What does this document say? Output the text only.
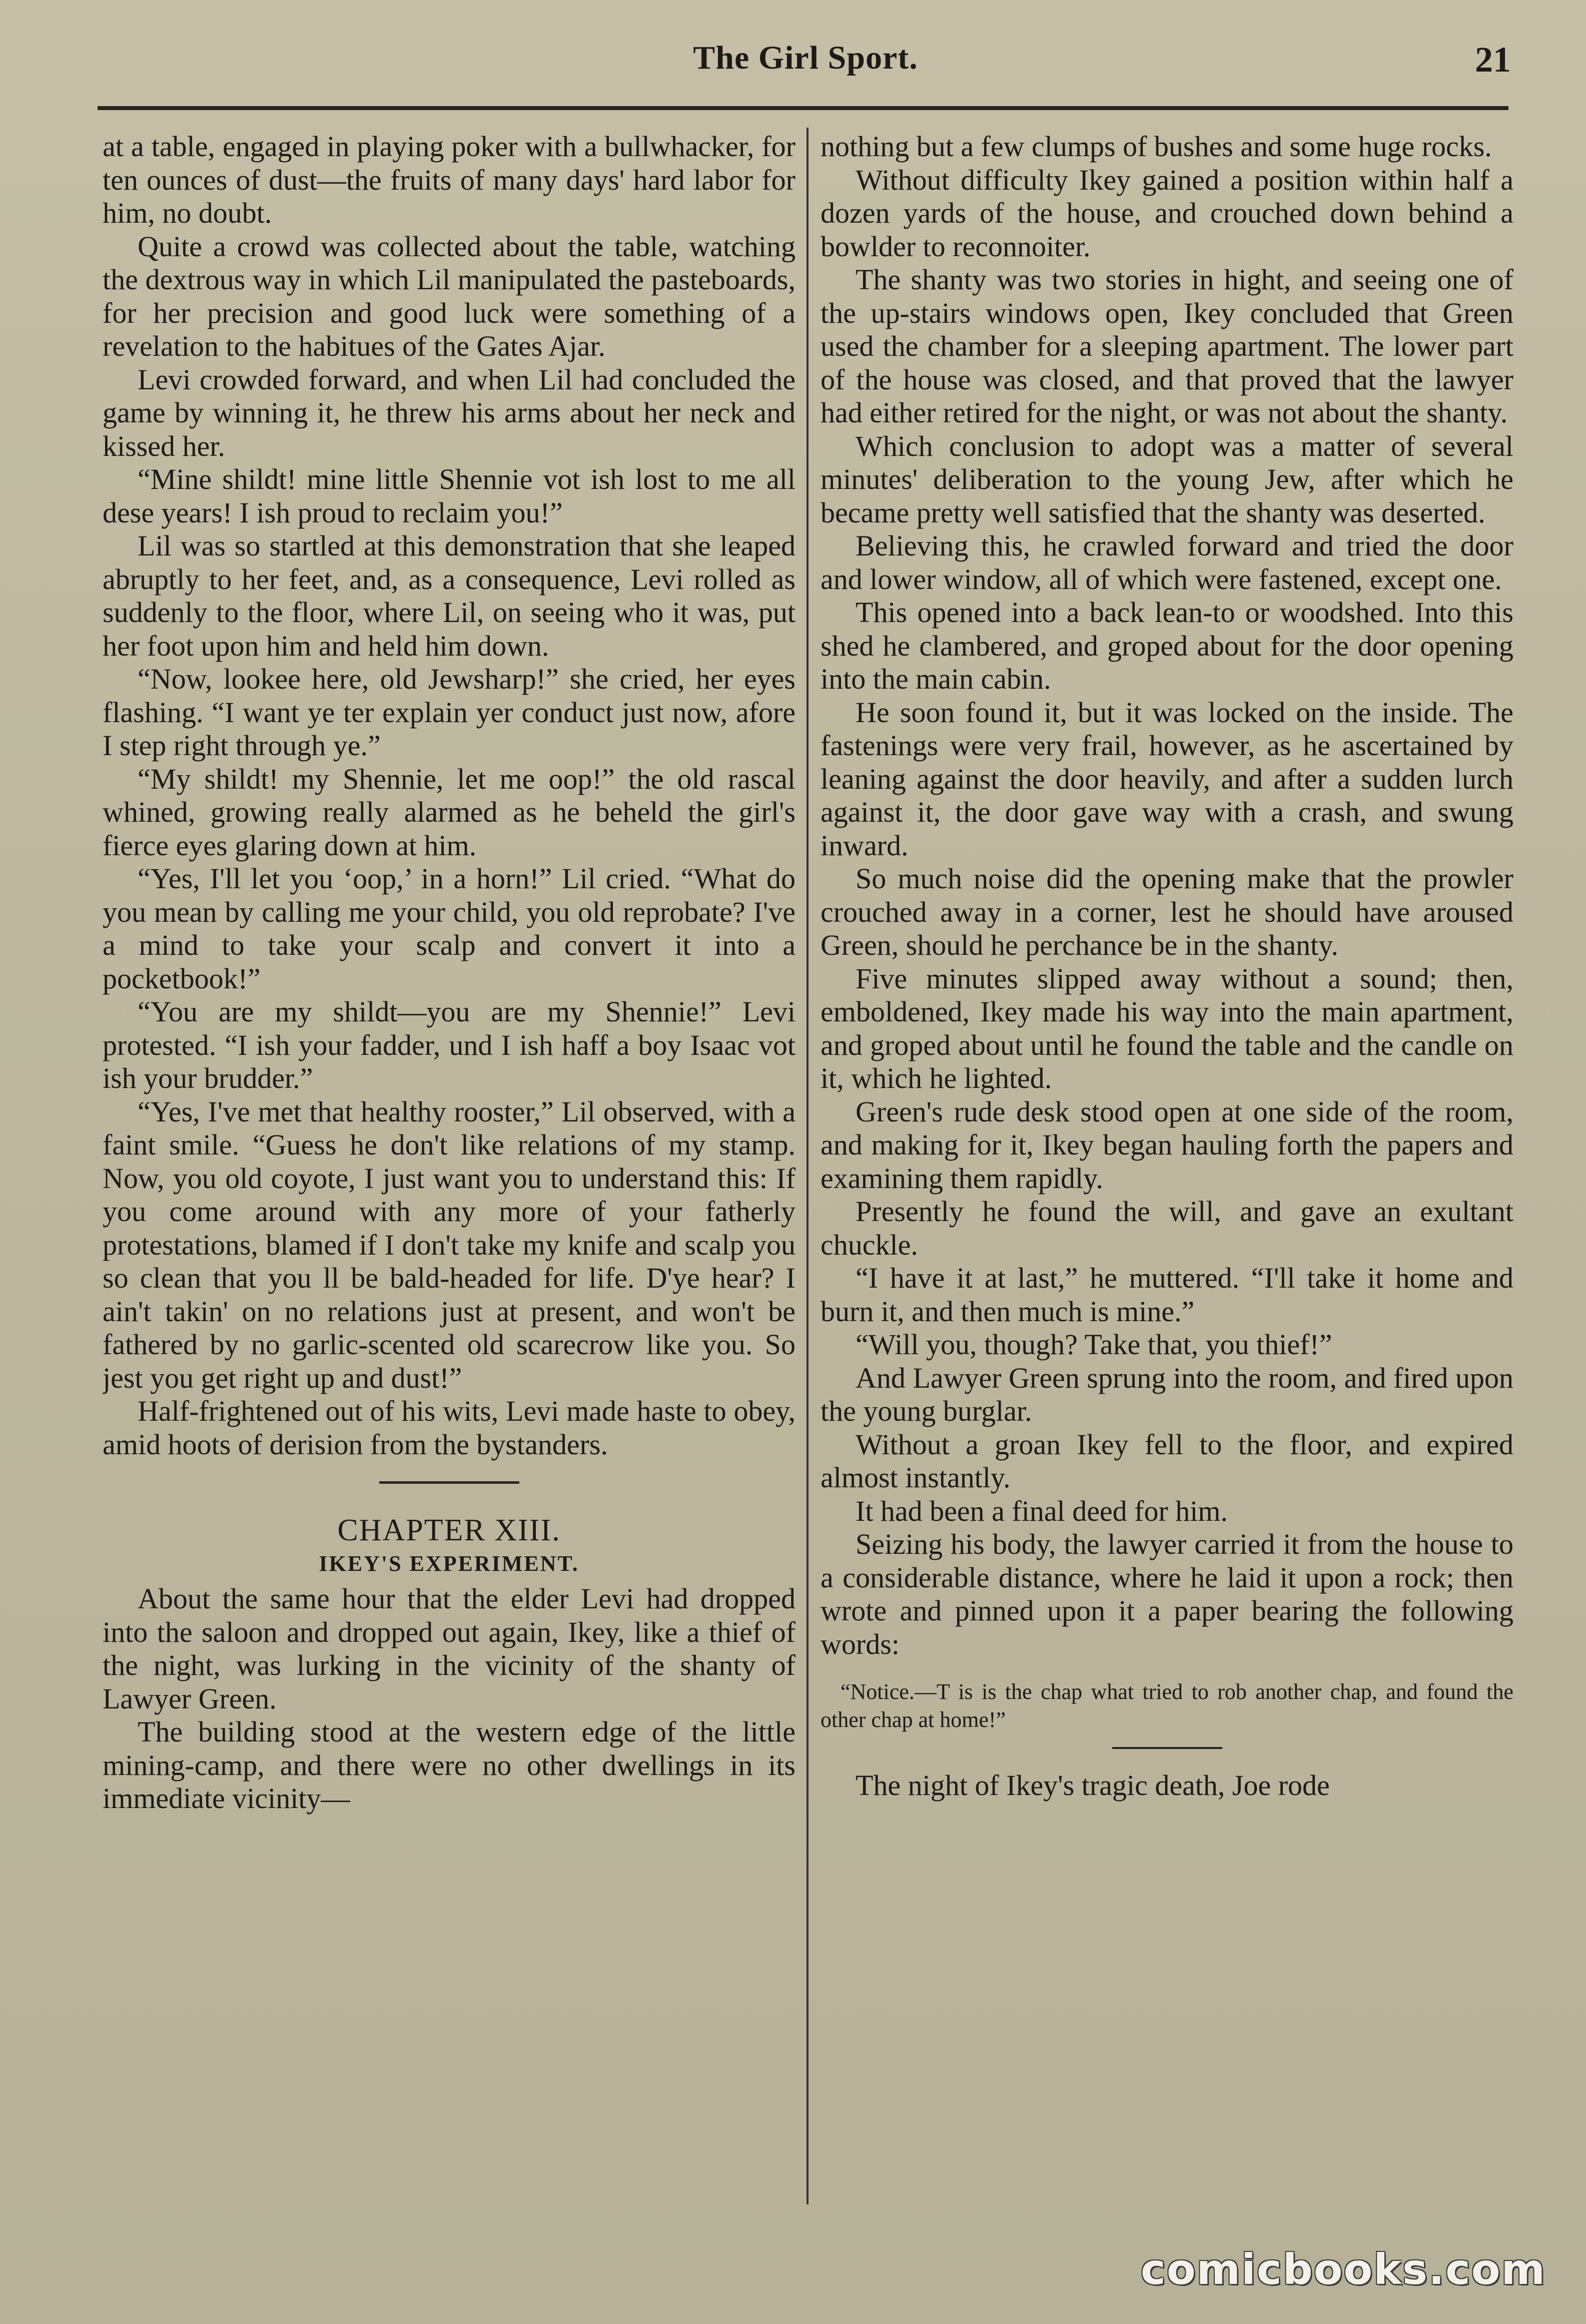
The Girl Sport.	21

at a table, engaged in playing poker with a bullwhacker, for ten ounces of dust—the fruits of many days' hard labor for him, no doubt.

Quite a crowd was collected about the table, watching the dextrous way in which Lil manipulated the pasteboards, for her precision and good luck were something of a revelation to the habitues of the Gates Ajar.

Levi crowded forward, and when Lil had concluded the game by winning it, he threw his arms about her neck and kissed her.

“Mine shildt! mine little Shennie vot ish lost to me all dese years! I ish proud to reclaim you!”

Lil was so startled at this demonstration that she leaped abruptly to her feet, and, as a consequence, Levi rolled as suddenly to the floor, where Lil, on seeing who it was, put her foot upon him and held him down.

“Now, lookee here, old Jewsharp!” she cried, her eyes flashing. “I want ye ter explain yer conduct just now, afore I step right through ye.”

“My shildt! my Shennie, let me oop!” the old rascal whined, growing really alarmed as he beheld the girl's fierce eyes glaring down at him.

“Yes, I'll let you ‘oop,’ in a horn!” Lil cried. “What do you mean by calling me your child, you old reprobate? I've a mind to take your scalp and convert it into a pocketbook!”

“You are my shildt—you are my Shennie!” Levi protested. “I ish your fadder, und I ish haff a boy Isaac vot ish your brudder.”

“Yes, I've met that healthy rooster,” Lil observed, with a faint smile. “Guess he don't like relations of my stamp. Now, you old coyote, I just want you to understand this: If you come around with any more of your fatherly protestations, blamed if I don't take my knife and scalp you so clean that you ll be bald-headed for life. D'ye hear? I ain't takin' on no relations just at present, and won't be fathered by no garlic-scented old scarecrow like you. So jest you get right up and dust!”

Half-frightened out of his wits, Levi made haste to obey, amid hoots of derision from the bystanders.

CHAPTER XIII.

IKEY'S EXPERIMENT.

About the same hour that the elder Levi had dropped into the saloon and dropped out again, Ikey, like a thief of the night, was lurking in the vicinity of the shanty of Lawyer Green.

The building stood at the western edge of the little mining-camp, and there were no other dwellings in its immediate vicinity—

nothing but a few clumps of bushes and some huge rocks.

Without difficulty Ikey gained a position within half a dozen yards of the house, and crouched down behind a bowlder to reconnoiter.

The shanty was two stories in hight, and seeing one of the up-stairs windows open, Ikey concluded that Green used the chamber for a sleeping apartment. The lower part of the house was closed, and that proved that the lawyer had either retired for the night, or was not about the shanty.

Which conclusion to adopt was a matter of several minutes' deliberation to the young Jew, after which he became pretty well satisfied that the shanty was deserted.

Believing this, he crawled forward and tried the door and lower window, all of which were fastened, except one.

This opened into a back lean-to or woodshed. Into this shed he clambered, and groped about for the door opening into the main cabin.

He soon found it, but it was locked on the inside. The fastenings were very frail, however, as he ascertained by leaning against the door heavily, and after a sudden lurch against it, the door gave way with a crash, and swung inward.

So much noise did the opening make that the prowler crouched away in a corner, lest he should have aroused Green, should he perchance be in the shanty.

Five minutes slipped away without a sound; then, emboldened, Ikey made his way into the main apartment, and groped about until he found the table and the candle on it, which he lighted.

Green's rude desk stood open at one side of the room, and making for it, Ikey began hauling forth the papers and examining them rapidly.

Presently he found the will, and gave an exultant chuckle.

“I have it at last,” he muttered. “I'll take it home and burn it, and then much is mine.”

“Will you, though? Take that, you thief!”

And Lawyer Green sprung into the room, and fired upon the young burglar.

Without a groan Ikey fell to the floor, and expired almost instantly.

It had been a final deed for him.

Seizing his body, the lawyer carried it from the house to a considerable distance, where he laid it upon a rock; then wrote and pinned upon it a paper bearing the following words:

“Notice.—T is is the chap what tried to rob another chap, and found the other chap at home!”

The night of Ikey's tragic death, Joe rode

comicbooks.com
